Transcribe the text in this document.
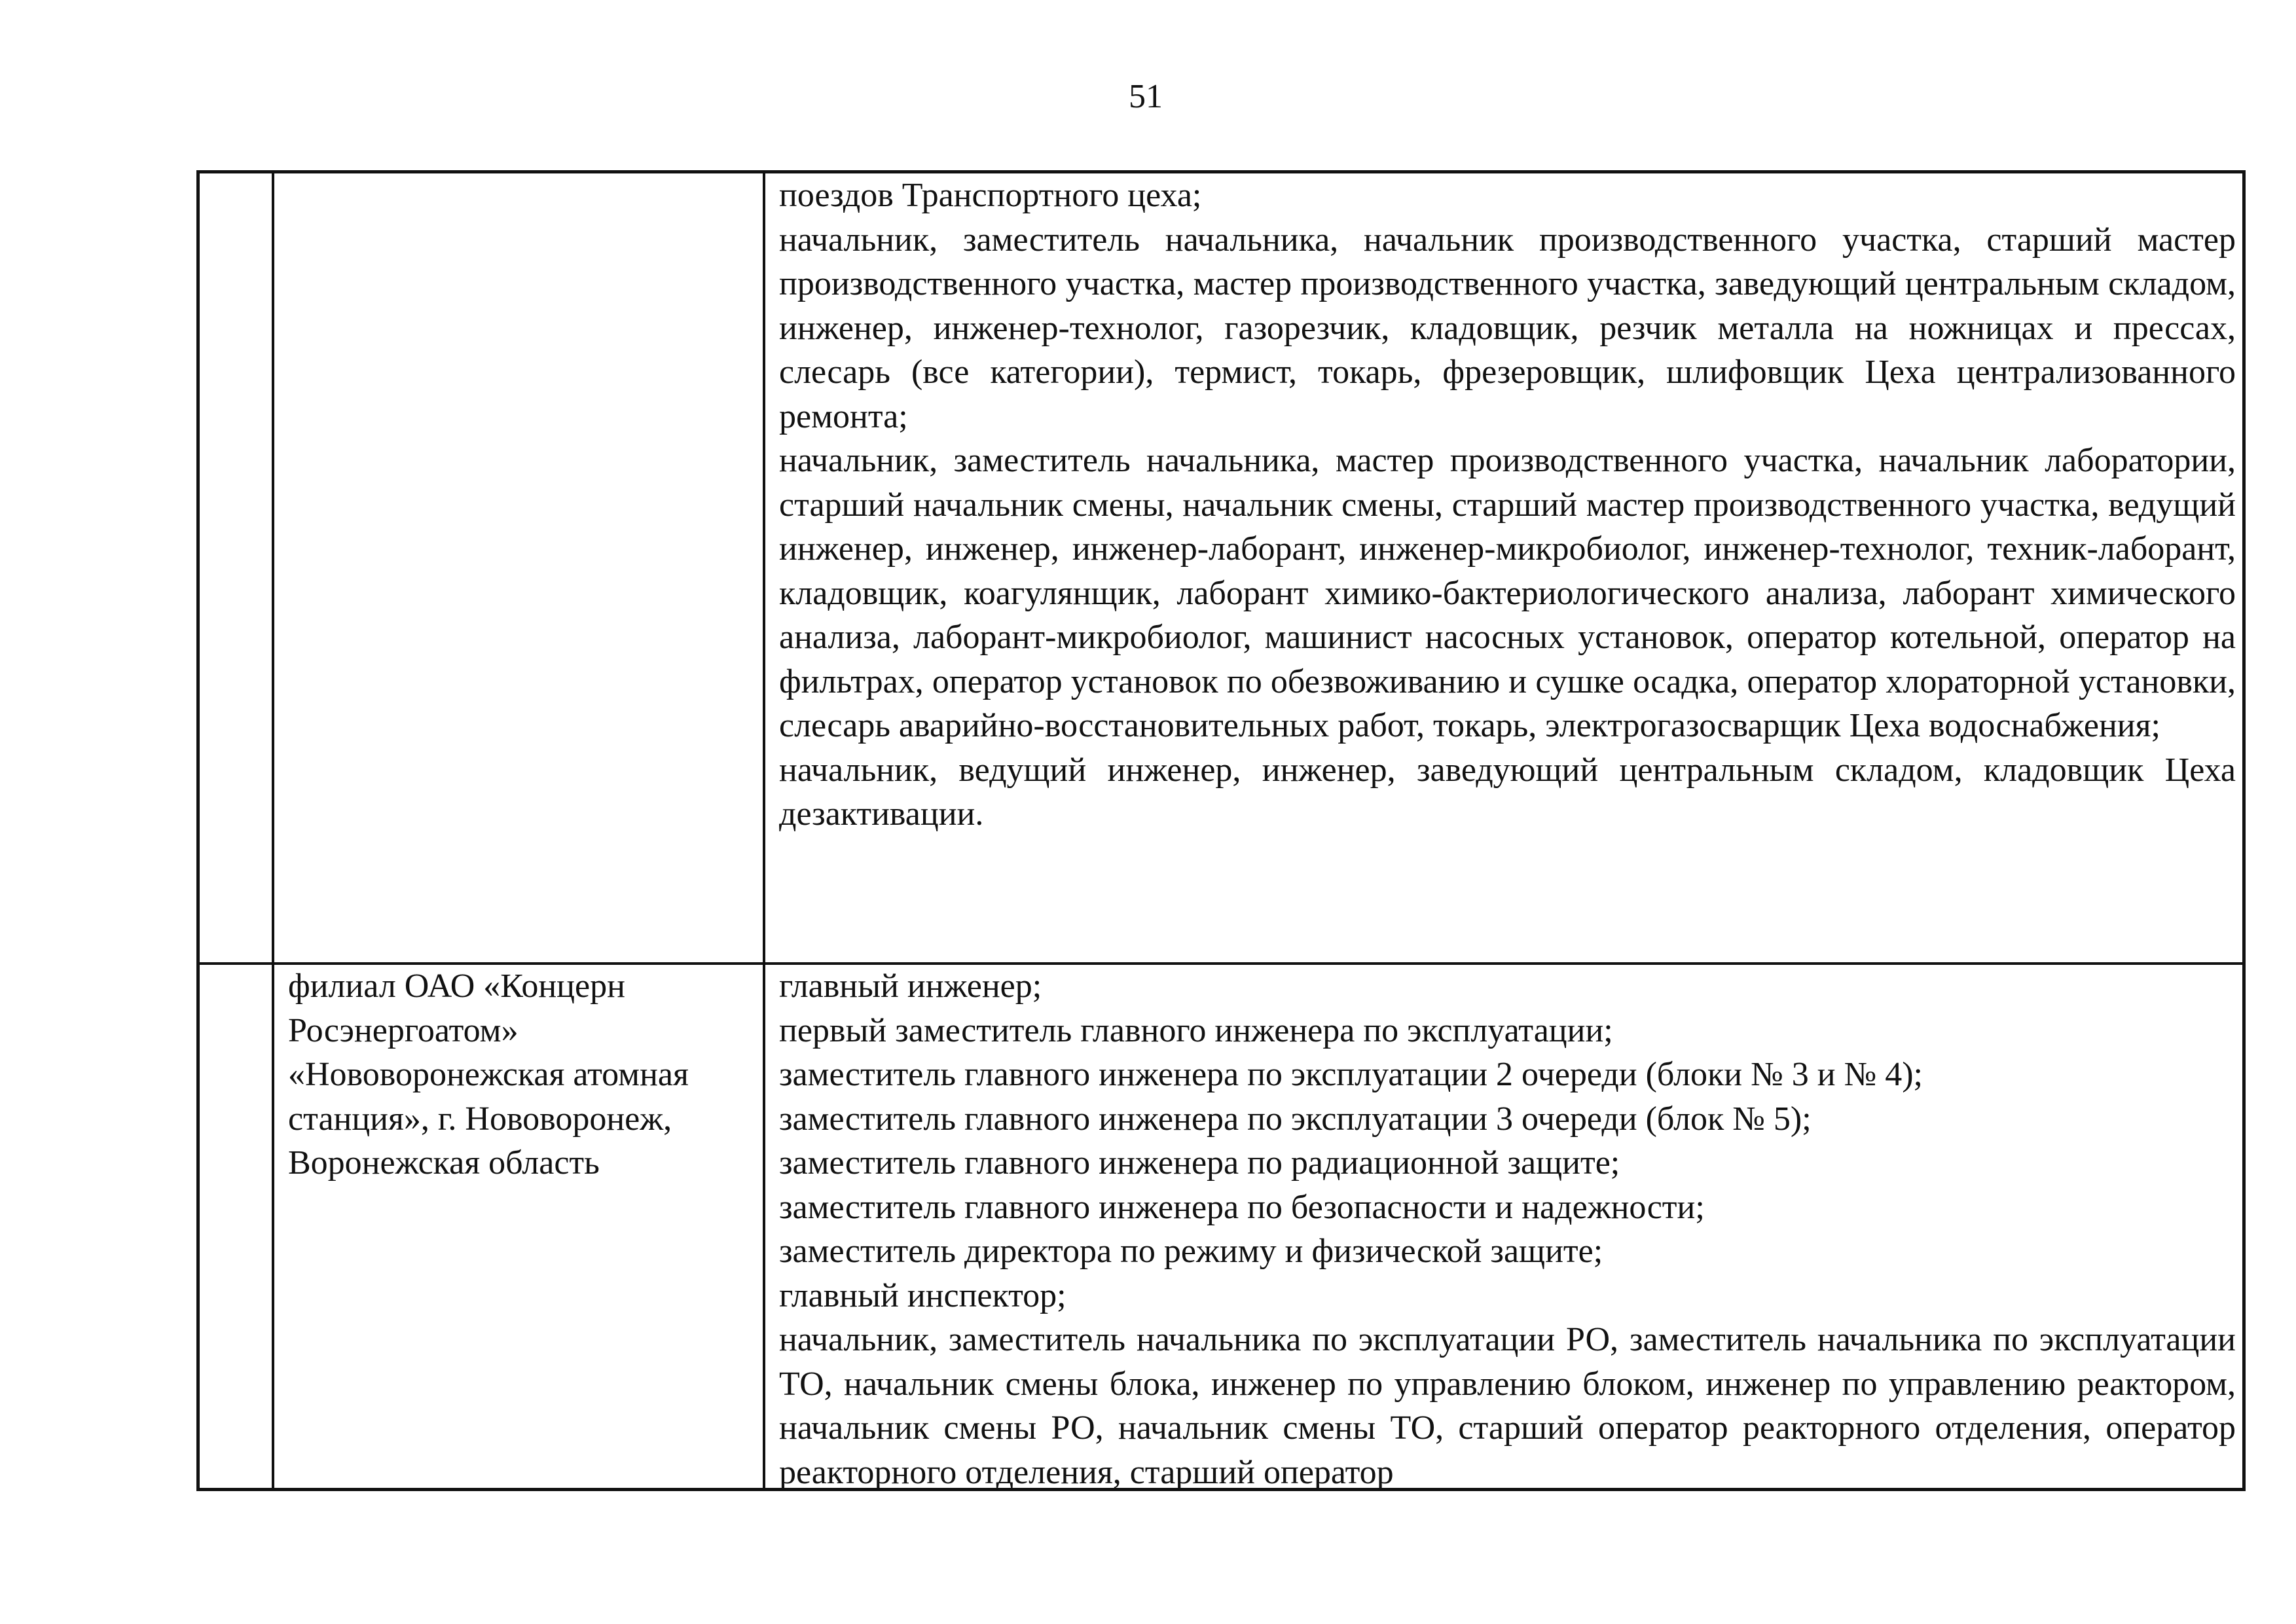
51

поездов Транспортного цеха;

начальник, заместитель начальника, начальник производственного участка, старший мастер производственного участка, мастер производственного участка, заведующий центральным складом, инженер, инженер-технолог, газорезчик, кладовщик, резчик металла на ножницах и прессах, слесарь (все категории), термист, токарь, фрезеровщик, шлифовщик Цеха централизованного ремонта;

начальник, заместитель начальника, мастер производственного участка, начальник лаборатории, старший начальник смены, начальник смены, старший мастер производственного участка, ведущий инженер, инженер, инженер-лаборант, инженер-микробиолог, инженер-технолог, техник-лаборант, кладовщик, коагулянщик, лаборант химико-бактериологического анализа, лаборант химического анализа, лаборант-микробиолог, машинист насосных установок, оператор котельной, оператор на фильтрах, оператор установок по обезвоживанию и сушке осадка, оператор хлораторной установки, слесарь аварийно-восстановительных работ, токарь, электрогазосварщик Цеха водоснабжения;

начальник, ведущий инженер, инженер, заведующий центральным складом, кладовщик Цеха дезактивации.

филиал ОАО «Концерн

Росэнергоатом»

«Нововоронежская атомная

станция», г. Нововоронеж,

Воронежская область

главный инженер;

первый заместитель главного инженера по эксплуатации;

заместитель главного инженера по эксплуатации 2 очереди (блоки № 3 и № 4);

заместитель главного инженера по эксплуатации 3 очереди (блок № 5);

заместитель главного инженера по радиационной защите;

заместитель главного инженера по безопасности и надежности;

заместитель директора по режиму и физической защите;

главный инспектор;

начальник, заместитель начальника по эксплуатации РО, заместитель начальника по эксплуатации ТО, начальник смены блока, инженер по управлению блоком, инженер по управлению реактором, начальник смены РО, начальник смены ТО, старший оператор реакторного отделения, оператор реакторного отделения, старший оператор
